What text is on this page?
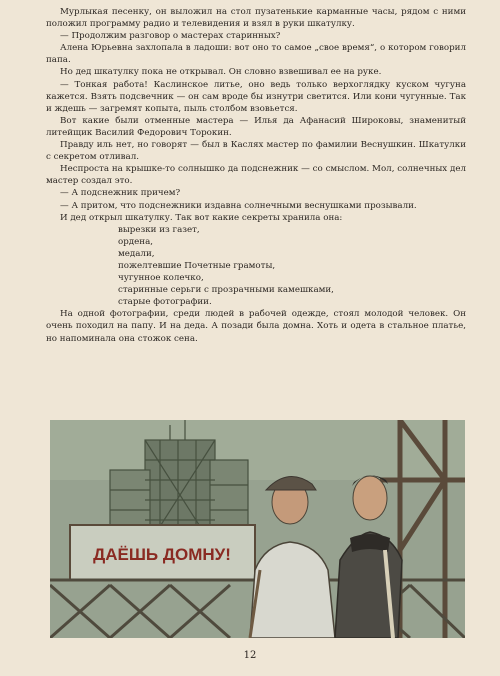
Мурлыкая песенку, он выложил на стол пузатенькие карманные часы, рядом с ними положил программу радио и телевидения и взял в руки шкатулку.

— Продолжим разговор о мастерах старинных?

Алена Юрьевна захлопала в ладоши: вот оно то самое „свое время“, о котором говорил папа.

Но дед шкатулку пока не открывал. Он словно взвешивал ее на руке.

— Тонкая работа! Каслинское литье, оно ведь только верхоглядку куском чугуна кажется. Взять подсвечник — он сам вроде бы изнутри светится. Или кони чугунные. Так и ждешь — загремят копыта, пыль столбом взовьется.

Вот какие были отменные мастера — Илья да Афанасий Широковы, знаменитый литейщик Василий Федорович Торокин.

Правду иль нет, но говорят — был в Каслях мастер по фамилии Веснушкин. Шкатулки с секретом отливал.

Неспроста на крышке-то солнышко да подснежник — со смыслом. Мол, солнечных дел мастер создал это.

— А подснежник причем?

— А притом, что подснежники издавна солнечными веснушками прозывали.

И дед открыл шкатулку. Так вот какие секреты хранила она:

вырезки из газет,
ордена,
медали,
пожелтевшие Почетные грамоты,
чугунное колечко,
старинные серьги с прозрачными камешками,
старые фотографии.

На одной фотографии, среди людей в рабочей одежде, стоял молодой человек. Он очень походил на папу. И на деда. А позади была домна. Хоть и одета в стальное платье, но напоминала она стожок сена.

ДАЁШЬ ДОМНУ!
12
